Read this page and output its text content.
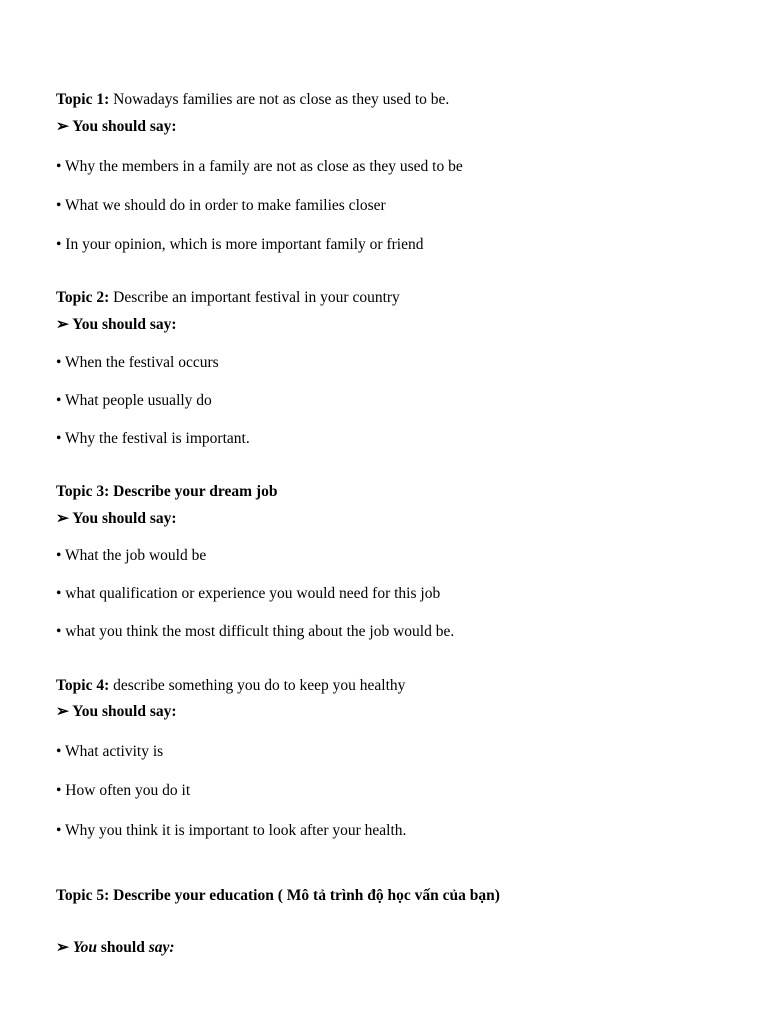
Topic 1: Nowadays families are not as close as they used to be.
➢ You should say:
• Why the members in a family are not as close as they used to be
• What we should do in order to make families closer
• In your opinion, which is more important family or friend
Topic 2: Describe an important festival in your country
➢ You should say:
• When the festival occurs
• What people usually do
• Why the festival is important.
Topic 3: Describe your dream job
➢ You should say:
• What the job would be
• what qualification or experience you would need for this job
• what you think the most difficult thing about the job would be.
Topic 4: describe something you do to keep you healthy
➢ You should say:
• What activity is
• How often you do it
• Why you think it is important to look after your health.
Topic 5: Describe your education ( Mô tả trình độ học vấn của bạn)
➢ You should say:
